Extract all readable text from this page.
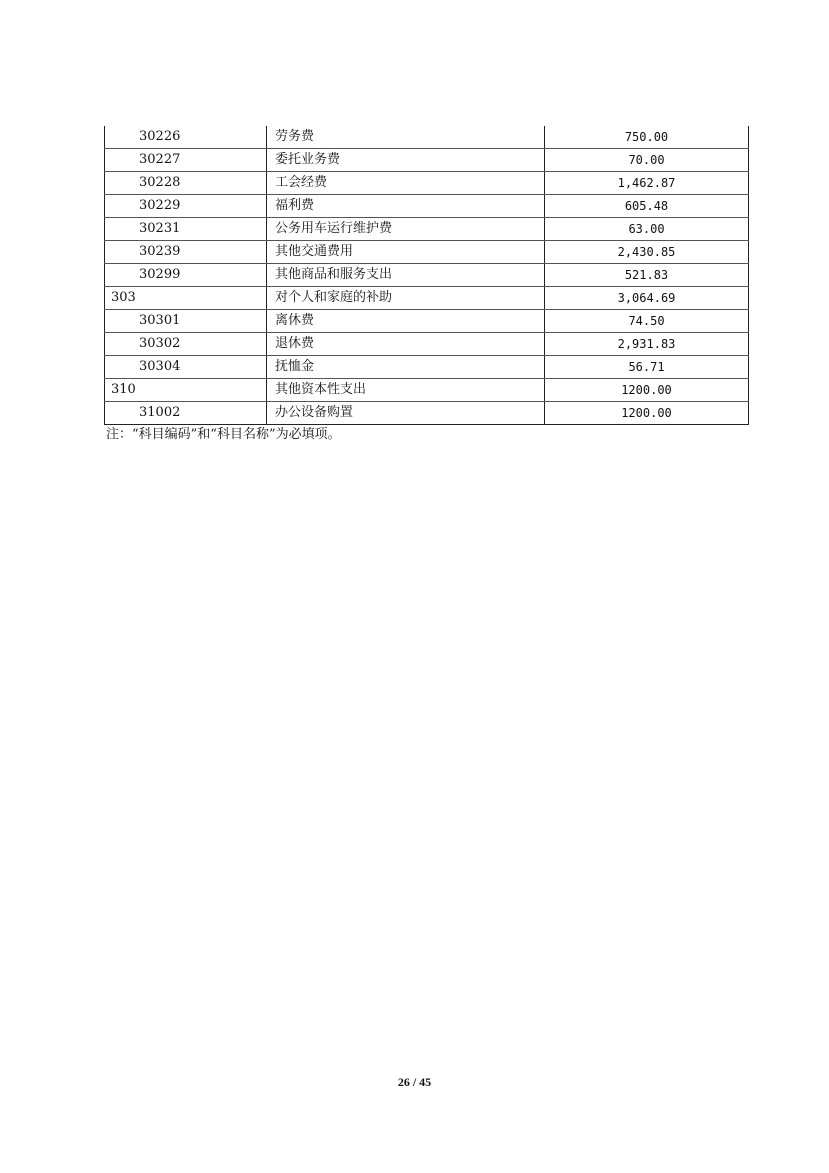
30226	劳务费	750.00
30227	委托业务费	70.00
30228	工会经费	1,462.87
30229	福利费	605.48
30231	公务用车运行维护费	63.00
30239	其他交通费用	2,430.85
30299	其他商品和服务支出	521.83
303	对个人和家庭的补助	3,064.69
30301	离休费	74.50
30302	退休费	2,931.83
30304	抚恤金	56.71
310	其他资本性支出	1200.00
31002	办公设备购置	1200.00
注：“科目编码”和“科目名称”为必填项。
26 / 45
